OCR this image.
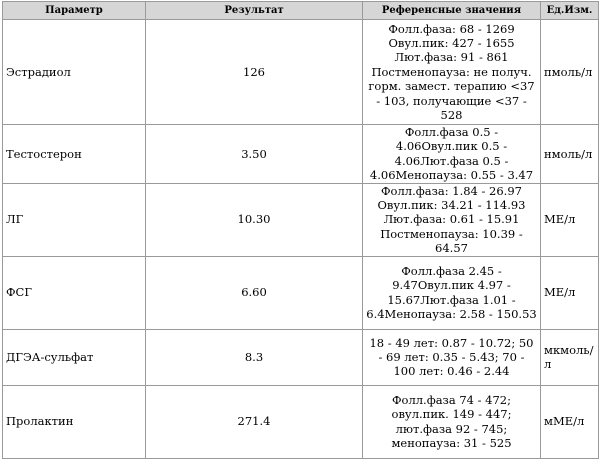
Параметр	Результат	Референсные значения	Ед.Изм.
Эстрадиол	126	Фолл.фаза: 68 - 1269 Овул.пик: 427 - 1655 Лют.фаза: 91 - 861 Постменопауза: не получ. горм. замест. терапию <37 - 103, получающие <37 - 528	пмоль/л
Тестостерон	3.50	Фолл.фаза 0.5 - 4.06Овул.пик 0.5 - 4.06Лют.фаза 0.5 - 4.06Менопауза: 0.55 - 3.47	нмоль/л
ЛГ	10.30	Фолл.фаза: 1.84 - 26.97 Овул.пик: 34.21 - 114.93 Лют.фаза: 0.61 - 15.91 Постменопауза: 10.39 - 64.57	МЕ/л
ФСГ	6.60	Фолл.фаза 2.45 - 9.47Овул.пик 4.97 - 15.67Лют.фаза 1.01 - 6.4Менопауза: 2.58 - 150.53	МЕ/л
ДГЭА-сульфат	8.3	18 - 49 лет: 0.87 - 10.72; 50 - 69 лет: 0.35 - 5.43; 70 - 100 лет: 0.46 - 2.44	мкмоль/л
Пролактин	271.4	Фолл.фаза 74 - 472; овул.пик. 149 - 447; лют.фаза 92 - 745; менопауза: 31 - 525	мМЕ/л
